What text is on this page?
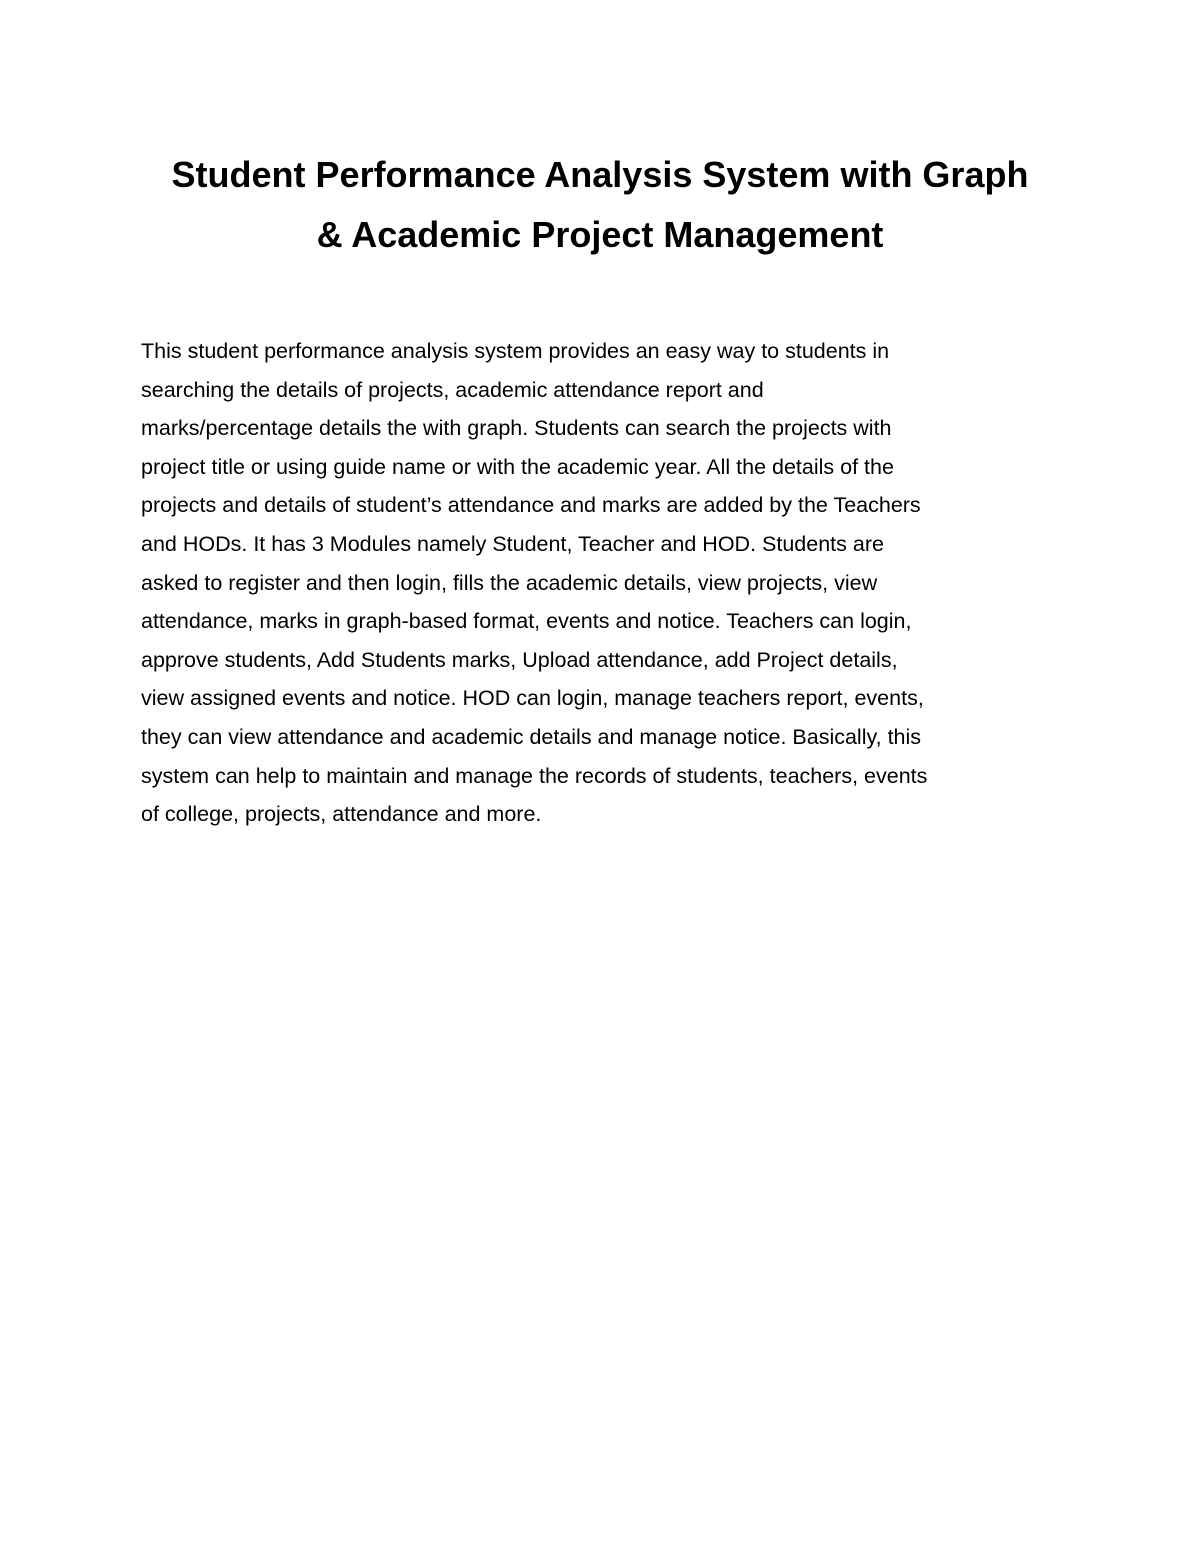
Student Performance Analysis System with Graph
& Academic Project Management

This student performance analysis system provides an easy way to students in
searching the details of projects, academic attendance report and
marks/percentage details the with graph. Students can search the projects with
project title or using guide name or with the academic year. All the details of the
projects and details of student’s attendance and marks are added by the Teachers
and HODs. It has 3 Modules namely Student, Teacher and HOD. Students are
asked to register and then login, fills the academic details, view projects, view
attendance, marks in graph-based format, events and notice. Teachers can login,
approve students, Add Students marks, Upload attendance, add Project details,
view assigned events and notice. HOD can login, manage teachers report, events,
they can view attendance and academic details and manage notice. Basically, this
system can help to maintain and manage the records of students, teachers, events
of college, projects, attendance and more.
